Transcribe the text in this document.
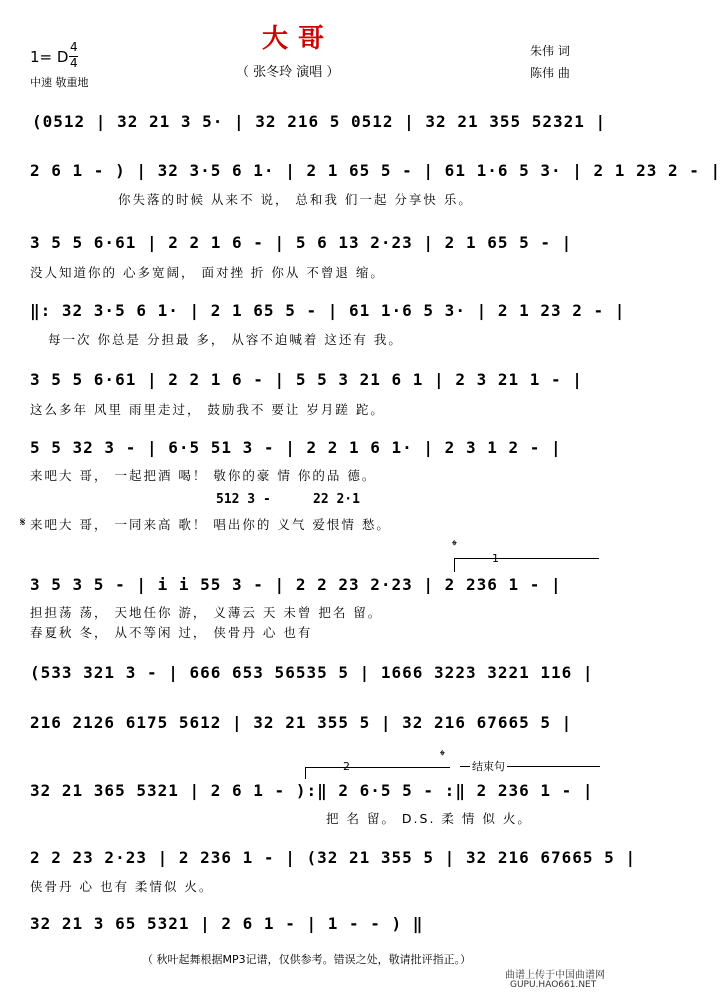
大哥
（ 张冬玲 演唱 ）
1= D
4
4
中速 敬重地
朱伟 词
陈伟 曲
(0512 | 32 21 3 5· | 32 216 5 0512 | 32 21 355 52321 |
2 6 1 - ) | 32 3·5 6 1· | 2 1 65 5 - | 61 1·6 5 3· | 2 1 23 2 - |
你失落的时候 从来不 说， 总和我 们一起 分享快 乐。
3 5 5 6·61 | 2 2 1 6 - | 5 6 13 2·23 | 2 1 65 5 - |
没人知道你的 心多宽阔， 面对挫 折 你从 不曾退 缩。
‖: 32 3·5 6 1· | 2 1 65 5 - | 61 1·6 5 3· | 2 1 23 2 - |
每一次 你总是 分担最 多， 从容不迫喊着 这还有 我。
3 5 5 6·61 | 2 2 1 6 - | 5 5 3 21 6 1 | 2 3 21 1 - |
这么多年 风里 雨里走过， 鼓励我不 要让 岁月蹉 跎。
5 5 32 3 - | 6·5 51 3 - | 2 2 1 6 1· | 2 3 1 2 - |
来吧大 哥， 一起把酒 喝！ 敬你的豪 情 你的品 德。
512 3 -	22 2·1
𝄋 来吧大 哥， 一同来高 歌！ 唱出你的 义气 爱恨情 愁。
𝄌
1
3 5 3 5 - | i i 55 3 - | 2 2 23 2·23 | 2 236 1 - |
担担荡 荡， 天地任你 游， 义薄云 天 未曾 把名 留。
春夏秋 冬， 从不等闲 过， 侠骨丹 心 也有
(533 321 3 - | 666 653 56535 5 | 1666 3223 3221 116 |
216 2126 6175 5612 | 32 21 355 5 | 32 216 67665 5 |
2
𝄌
结束句
32 21 365 5321 | 2 6 1 - ):‖ 2 6·5 5 - :‖ 2 236 1 - |
把 名 留。 D.S. 柔 情 似 火。
2 2 23 2·23 | 2 236 1 - | (32 21 355 5 | 32 216 67665 5 |
侠骨丹 心 也有 柔情似 火。
32 21 3 65 5321 | 2 6 1 - | 1 - - ) ‖
（ 秋叶起舞根据MP3记谱，仅供参考。错误之处，敬请批评指正。）
曲谱上传于中国曲谱网
GUPU.HAO661.NET
